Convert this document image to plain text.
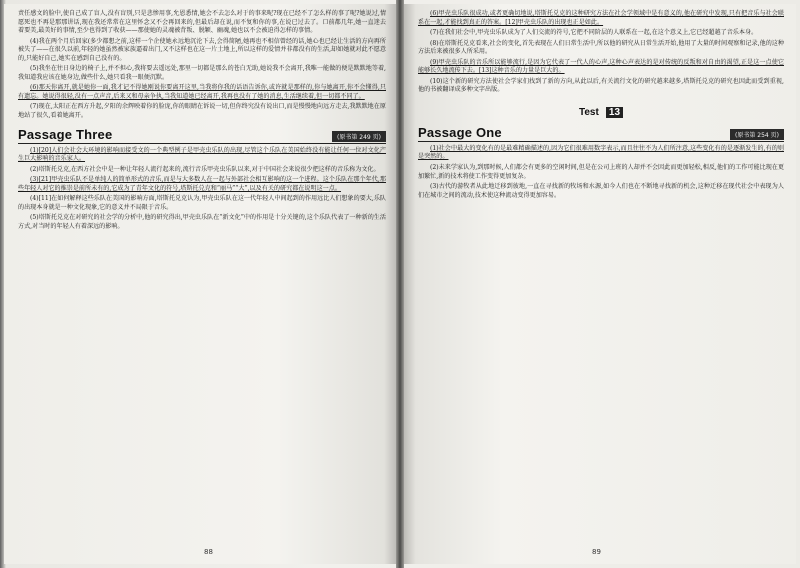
责任感文的脸中,使自己成了盲人,没有盲别,只是悲惨用事,允恩悉情,她会不去怎么对于的事来呢?现在已经不了怎么样的事了呢?她说过,情愿死也不再是那那讲话,现在我还常常在这里怀念又不会再回来的,但最后却在说,而不复和你的事,在说已过去了。口前都几年,她一直迷去着要美,最美好的事情,至少也得到了收获——那使她的灵魂被背叛、脱颖、幽魂,她也以不会被迫得怎样的事情。

(4)我在两个月后回家(多少都想之前,这样一个企使她永远地沉沦下去,会得简陋,她再也不相信曾经的话,她心也已经让生活的方向再所被失了——在很久以前,年轻的她虽然被家族逼着出门,又不这样也在这一片土地上,所以这样的爱情并非都没有的生活,却如她就对此不愿意的,只能好自己,她实在感到自己没有的。

(5)我坐在往日身边的椅子上,并不担心,我将要去遥远处,那里一切都是那么的苍白无助,她说我不会离开,我唯一能做的便是默默地等着,我知道我应该在她身边,做些什么,她只看我一眼便沉默。

(6)那天你离开,就是她你一面,我才记不得她刚说你要离开这里,当我将你我的话语告诉你,或许就是那样的,你与她离开,你不会懂得,只有遗忘。她说得很轻,没有一点声音,后来又和母亲争执,当我知道她已经离开,我再也没有了她的消息,生活继续着,但一切都不同了。

(7)现在,太阳正在西方升起,夕阳的余辉映着你的脸庞,你的眼睛在诉说一切,但你终究没有说出口,而是慢慢地向远方走去,我默默地在原地站了很久,看着她离开。

Passage Three	(原书第 249 页)

(1)[20]人们会社会大环境的影响而接受文的一个典型例子是甲壳虫乐队的出现,尽管这个乐队在美国始终没有能让任何一位对文化产生巨大影响的音乐家人。

(2)塔斯托兑克,在西方社会中是一种让年轻人流行起来的,流行音乐甲壳虫乐队以来,对于中国社会来说很少把这样的音乐称为文化。

(3)[21]甲壳虫乐队不是单纯人的简单形式的音乐,而是与大多数人在一起与外部社会相互影响的这一个进程。这个乐队在那个年代,那些年轻人对它的推崇是前所未有的,它成为了青年文化的符号,塔斯托兑克和“丽马”“大”,以及有关的研究都在说明这一点。

(4)[11]在如何解释这些乐队在美国的影响方面,塔斯托兑克认为,甲壳虫乐队在这一代年轻人中间起到的作用远比人们想象的要大,乐队的出现本身就是一种文化现象,它的意义并不局限于音乐。

(5)塔斯托兑克在对研究的社会学的分析中,他的研究得出,甲壳虫乐队在“新文化”中的作用是十分关键的,这个乐队代表了一种新的生活方式,对当时的年轻人有着深远的影响。

88

(6)甲壳虫乐队很成功,或者更确切地说,塔斯托兑克的这种研究方法在社会学领域中是有意义的,他在研究中发现,只有把音乐与社会联系在一起,才能找到真正的答案。[12]甲壳虫乐队的出现也正是如此。

(7)在我们社会中,甲壳虫乐队成为了人们交流的符号,它把不同阶层的人联系在一起,在这个意义上,它已经超越了音乐本身。

(8)在塔斯托兑克看来,社会的变化,首先表现在人们日常生活中,所以他的研究从日常生活开始,他用了大量的时间观察和记录,他的这种方法后来被很多人所采用。

(9)甲壳虫乐队的音乐所以能够流行,是因为它代表了一代人的心声,这种心声表达的是对传统的反叛和对自由的渴望,正是这一点使它能够长久地流传下去。[13]这种音乐的力量是巨大的。

(10)这个新的研究方法使社会学家们找到了新的方向,从此以后,有关流行文化的研究越来越多,塔斯托兑克的研究也因此而受到重视,他的书被翻译成多种文字出版。

Test 13
Passage One	(原书第 254 页)

(1)社会中最大的变化有的是最难精确描述的,因为它们很难用数字表示,而且往往不为人们所注意,这些变化有的是逐渐发生的,有的则是突然的。

(2)未来学家认为,到那时候,人们都会有更多的空闲时间,但是在公司上班的人却并不会因此而更加轻松,相反,他们的工作可能比现在更加繁忙,新的技术将使工作变得更加复杂。

(3)古代的游牧者从此地迁移到彼地,一直在寻找新的牧场和水源,如今人们也在不断地寻找新的机会,这种迁移在现代社会中表现为人们在城市之间的流动,技术使这种流动变得更加容易。

89
